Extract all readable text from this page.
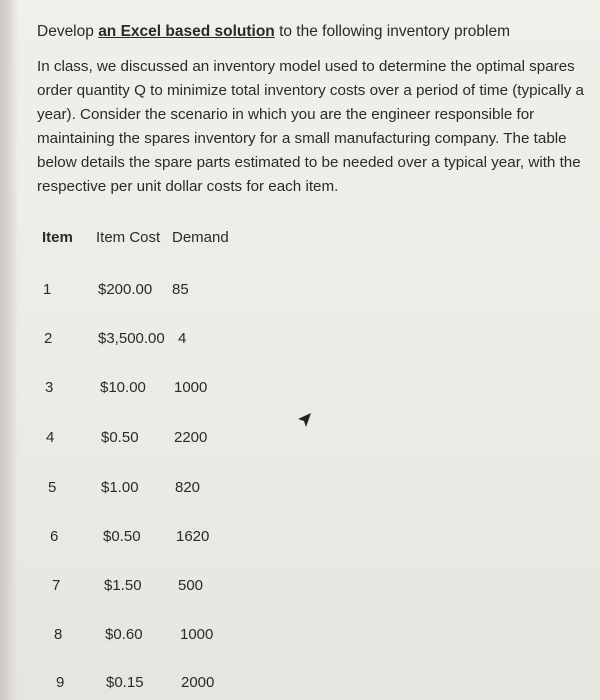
Develop an Excel based solution to the following inventory problem
In class, we discussed an inventory model used to determine the optimal spares order quantity Q to minimize total inventory costs over a period of time (typically a year). Consider the scenario in which you are the engineer responsible for maintaining the spares inventory for a small manufacturing company. The table below details the spare parts estimated to be needed over a typical year, with the respective per unit dollar costs for each item.
Item Item Cost Demand
1	$200.00 85
2	$3,500.00 4
3	$10.00 1000
4	$0.50 2200
5	$1.00 820
6	$0.50 1620
7	$1.50 500
8	$0.60 1000
9	$0.15 2000
